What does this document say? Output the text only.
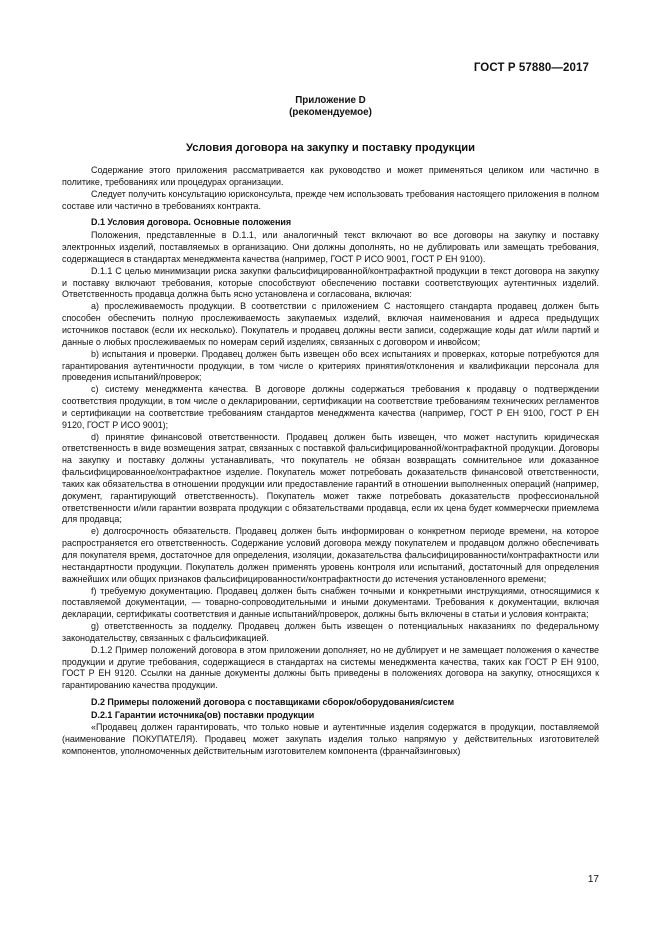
ГОСТ Р 57880—2017
Приложение D
(рекомендуемое)
Условия договора на закупку и поставку продукции

Содержание этого приложения рассматривается как руководство и может применяться целиком или частично в политике, требованиях или процедурах организации.

Следует получить консультацию юрисконсульта, прежде чем использовать требования настоящего приложения в полном составе или частично в требованиях контракта.

D.1 Условия договора. Основные положения

Положения, представленные в D.1.1, или аналогичный текст включают во все договоры на закупку и поставку электронных изделий, поставляемых в организацию. Они должны дополнять, но не дублировать или замещать требования, содержащиеся в стандартах менеджмента качества (например, ГОСТ Р ИСО 9001, ГОСТ Р ЕН 9100).

D.1.1 С целью минимизации риска закупки фальсифицированной/контрафактной продукции в текст договора на закупку и поставку включают требования, которые способствуют обеспечению поставки соответствующих аутентичных изделий. Ответственность продавца должна быть ясно установлена и согласована, включая:

а) прослеживаемость продукции. В соответствии с приложением С настоящего стандарта продавец должен быть способен обеспечить полную прослеживаемость закупаемых изделий, включая наименования и адреса предыдущих источников поставок (если их несколько). Покупатель и продавец должны вести записи, содержащие коды дат и/или партий и данные о любых прослеживаемых по номерам серий изделиях, связанных с договором и инвойсом;

b) испытания и проверки. Продавец должен быть извещен обо всех испытаниях и проверках, которые потребуются для гарантирования аутентичности продукции, в том числе о критериях принятия/отклонения и квалификации персонала для проведения испытаний/проверок;

с) систему менеджмента качества. В договоре должны содержаться требования к продавцу о подтверждении соответствия продукции, в том числе о декларировании, сертификации на соответствие требованиям технических регламентов и сертификации на соответствие требованиям стандартов менеджмента качества (например, ГОСТ Р ЕН 9100, ГОСТ Р ЕН 9120, ГОСТ Р ИСО 9001);

d) принятие финансовой ответственности. Продавец должен быть извещен, что может наступить юридическая ответственность в виде возмещения затрат, связанных с поставкой фальсифицированной/контрафактной продукции. Договоры на закупку и поставку должны устанавливать, что покупатель не обязан возвращать сомнительное или доказанное фальсифицированное/контрафактное изделие. Покупатель может потребовать доказательств финансовой ответственности, таких как обязательства в отношении продукции или предоставление гарантий в отношении выполненных операций (например, документ, гарантирующий ответственность). Покупатель может также потребовать доказательств профессиональной ответственности и/или гарантии возврата продукции с обязательствами продавца, если их цена будет коммерчески приемлема для продавца;

е) долгосрочность обязательств. Продавец должен быть информирован о конкретном периоде времени, на которое распространяется его ответственность. Содержание условий договора между покупателем и продавцом должно обеспечивать для покупателя время, достаточное для определения, изоляции, доказательства фальсифицированности/контрафактности или нестандартности продукции. Покупатель должен применять уровень контроля или испытаний, достаточный для определения важнейших или общих признаков фальсифицированности/контрафактности до истечения установленного времени;

f) требуемую документацию. Продавец должен быть снабжен точными и конкретными инструкциями, относящимися к поставляемой документации, — товарно-сопроводительными и иными документами. Требования к документации, включая декларации, сертификаты соответствия и данные испытаний/проверок, должны быть включены в статьи и условия контракта;

g) ответственность за подделку. Продавец должен быть извещен о потенциальных наказаниях по федеральному законодательству, связанных с фальсификацией.

D.1.2 Пример положений договора в этом приложении дополняет, но не дублирует и не замещает положения о качестве продукции и другие требования, содержащиеся в стандартах на системы менеджмента качества, таких как ГОСТ Р ЕН 9100, ГОСТ Р ЕН 9120. Ссылки на данные документы должны быть приведены в положениях договора на закупку, относящихся к гарантированию качества продукции.

D.2 Примеры положений договора с поставщиками сборок/оборудования/систем

D.2.1 Гарантии источника(ов) поставки продукции

«Продавец должен гарантировать, что только новые и аутентичные изделия содержатся в продукции, поставляемой (наименование ПОКУПАТЕЛЯ). Продавец может закупать изделия только напрямую у действительных изготовителей компонентов, уполномоченных действительным изготовителем компонента (франчайзинговых)

17
